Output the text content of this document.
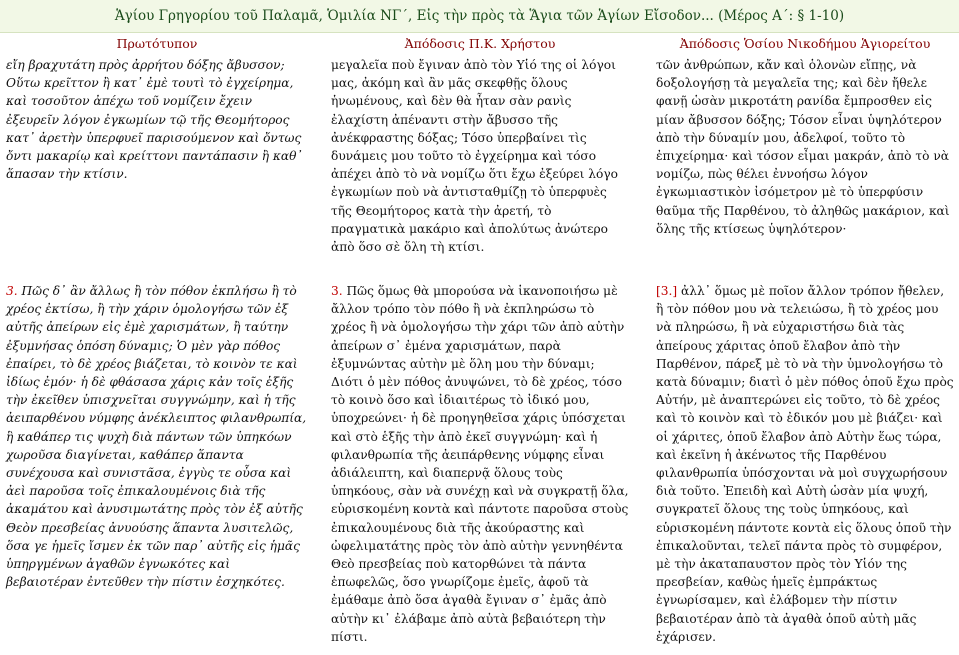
Ἁγίου Γρηγορίου τοῦ Παλαμᾶ, Ὁμιλία ΝΓ΄, Εἰς τὴν πρὸς τὰ Ἅγια τῶν Ἁγίων Εἴσοδον... (Μέρος Α΄: § 1-10)
Πρωτότυπον	Ἀπόδοσις Π.Κ. Χρήστου	Ἀπόδοσις Ὁσίου Νικοδήμου Ἁγιορείτου

εἴη βραχυτάτη πρὸς ἀρρήτου δόξης ἄβυσσον; Οὕτω κρεῖττον ἢ κατ᾽ ἐμὲ τουτὶ τὸ ἐγχείρημα, καὶ τοσοῦτον ἀπέχω τοῦ νομίζειν ἔχειν ἐξευρεῖν λόγον ἐγκωμίων τῷ τῆς Θεομήτορος κατ᾽ ἀρετὴν ὑπερφυεῖ παρισούμενον καὶ ὄντως ὄντι μακαρίῳ καὶ κρείττονι παντάπασιν ἢ καθ᾽ ἅπασαν τὴν κτίσιν.

μεγαλεῖα ποὺ ἔγιναν ἀπὸ τὸν Υἱό της οἱ λόγοι μας, ἀκόμη καὶ ἂν μᾶς σκεφθῇς ὅλους ἡνωμένους, καὶ δὲν θὰ ἦταν σὰν ρανὶς ἐλαχίστη ἀπέναντι στὴν ἄβυσσο τῆς ἀνέκφραστης δόξας; Τόσο ὑπερβαίνει τὶς δυνάμεις μου τοῦτο τὸ ἐγχείρημα καὶ τόσο ἀπέχει ἀπὸ τὸ νὰ νομίζω ὅτι ἔχω ἐξεύρει λόγο ἐγκωμίων ποὺ νὰ ἀντισταθμίζῃ τὸ ὑπερφυὲς τῆς Θεομήτορος κατὰ τὴν ἀρετή, τὸ πραγματικὰ μακάριο καὶ ἀπολύτως ἀνώτερο ἀπὸ ὅσο σὲ ὅλη τὴ κτίσι.

τῶν ἀνθρώπων, κἄν καὶ ὁλονὼν εἴπῃς, νὰ δοξολογήσῃ τὰ μεγαλεῖα της; καὶ δὲν ἤθελε φανῇ ὡσὰν μικροτάτη ρανίδα ἔμπροσθεν εἰς μίαν ἄβυσσον δόξης; Τόσον εἶναι ὑψηλότερον ἀπὸ τὴν δύναμίν μου, ἀδελφοί, τοῦτο τὸ ἐπιχείρημα· καὶ τόσον εἶμαι μακράν, ἀπὸ τὸ νὰ νομίζω, πὼς θέλει ἐννοήσω λόγον ἐγκωμιαστικὸν ἰσόμετρον μὲ τὸ ὑπερφύσιν θαῦμα τῆς Παρθένου, τὸ ἀληθῶς μακάριον, καὶ ὅλης τῆς κτίσεως ὑψηλότερον·

3. Πῶς δ᾽ ἂν ἄλλως ἢ τὸν πόθον ἐκπλήσω ἢ τὸ χρέος ἐκτίσω, ἢ τὴν χάριν ὁμολογήσω τῶν ἐξ αὐτῆς ἀπείρων εἰς ἐμὲ χαρισμάτων, ἢ ταύτην ἐξυμνήσας ὁπόση δύναμις; Ὁ μὲν γὰρ πόθος ἐπαίρει, τὸ δὲ χρέος βιάζεται, τὸ κοινὸν τε καὶ ἰδίως ἐμόν· ἡ δὲ φθάσασα χάρις κἀν τοῖς ἑξῆς τὴν ἐκεῖθεν ὑπισχνεῖται συγγνώμην, καὶ ἡ τῆς ἀειπαρθένου νύμφης ἀνέκλειπτος φιλανθρωπία, ἣ καθάπερ τις ψυχὴ διὰ πάντων τῶν ὑπηκόων χωροῦσα διαγίνεται, καθάπερ ἅπαντα συνέχουσα καὶ συνιστᾶσα, ἐγγὺς τε οὖσα καὶ ἀεὶ παροῦσα τοῖς ἐπικαλουμένοις διὰ τῆς ἀκαμάτου καὶ ἀνυσιμωτάτης πρὸς τὸν ἐξ αὐτῆς Θεὸν πρεσβείας ἀνυούσης ἅπαντα λυσιτελῶς, ὅσα γε ἡμεῖς ἴσμεν ἐκ τῶν παρ᾽ αὐτῆς εἰς ἡμᾶς ὑπηργμένων ἀγαθῶν ἐγνωκότες καὶ βεβαιοτέραν ἐντεῦθεν τὴν πίστιν ἐσχηκότες.

3. Πῶς ὅμως θὰ μπορούσα νὰ ἱκανοποιήσω μὲ ἄλλον τρόπο τὸν πόθο ἢ νὰ ἐκπληρώσω τὸ χρέος ἢ νὰ ὁμολογήσω τὴν χάρι τῶν ἀπὸ αὐτὴν ἀπείρων σ᾽ ἐμένα χαρισμάτων, παρὰ ἐξυμνώντας αὐτὴν μὲ ὅλη μου τὴν δύναμι; Διότι ὁ μὲν πόθος ἀνυψώνει, τὸ δὲ χρέος, τόσο τὸ κοινὸ ὅσο καὶ ἰδιαιτέρως τὸ ἰδικό μου, ὑποχρεώνει· ἡ δὲ προηγηθεῖσα χάρις ὑπόσχεται καὶ στὸ ἑξῆς τὴν ἀπὸ ἐκεῖ συγγνώμη· καὶ ἡ φιλανθρωπία τῆς ἀειπάρθενης νύμφης εἶναι ἀδιάλειπτη, καὶ διαπερνᾷ ὅλους τοὺς ὑπηκόους, σὰν νὰ συνέχῃ καὶ νὰ συγκρατῇ ὅλα, εὑρισκομένη κοντὰ καὶ πάντοτε παροῦσα στοὺς ἐπικαλουμένους διὰ τῆς ἀκούραστης καὶ ὠφελιματάτης πρὸς τὸν ἀπὸ αὐτὴν γεννηθέντα Θεὸ πρεσβείας ποὺ κατορθώνει τὰ πάντα ἐπωφελῶς, ὅσο γνωρίζομε ἐμεῖς, ἀφοῦ τὰ ἐμάθαμε ἀπὸ ὅσα ἀγαθὰ ἔγιναν σ᾽ ἐμᾶς ἀπὸ αὐτὴν κι᾽ ἐλάβαμε ἀπὸ αὐτὰ βεβαιότερη τὴν πίστι.

[3.] ἀλλ᾽ ὅμως μὲ ποῖον ἄλλον τρόπον ἤθελεν, ἢ τὸν πόθον μου νὰ τελειώσω, ἢ τὸ χρέος μου νὰ πληρώσω, ἢ νὰ εὐχαριστήσω διὰ τὰς ἀπείρους χάριτας ὁποῦ ἔλαβον ἀπὸ τὴν Παρθένον, πάρεξ μὲ τὸ νὰ τὴν ὑμνολογήσω τὸ κατὰ δύναμιν; διατὶ ὁ μὲν πόθος ὁποῦ ἔχω πρὸς Αὐτήν, μὲ ἀναπτερώνει εἰς τοῦτο, τὸ δὲ χρέος καὶ τὸ κοινὸν καὶ τὸ ἐδικόν μου μὲ βιάζει· καὶ οἱ χάριτες, ὁποῦ ἔλαβον ἀπὸ Αὐτὴν ἕως τώρα, καὶ ἐκεῖνη ἡ ἀκένωτος τῆς Παρθένου φιλανθρωπία ὑπόσχονται νὰ μοὶ συγχωρήσουν διὰ τοῦτο. Ἐπειδὴ καὶ Αὐτὴ ὡσὰν μία ψυχή, συγκρατεῖ ὅλους της τοὺς ὑπηκόους, καὶ εὑρισκομένη πάντοτε κοντὰ εἰς ὅλους ὁποῦ τὴν ἐπικαλοῦνται, τελεῖ πάντα πρὸς τὸ συμφέρον, μὲ τὴν ἀκαταπαυστον πρὸς τὸν Υἱόν της πρεσβείαν, καθὼς ἡμεῖς ἐμπράκτως ἐγνωρίσαμεν, καὶ ἐλάβομεν τὴν πίστιν βεβαιοτέραν ἀπὸ τὰ ἀγαθὰ ὁποῦ αὐτὴ μᾶς ἐχάρισεν.
